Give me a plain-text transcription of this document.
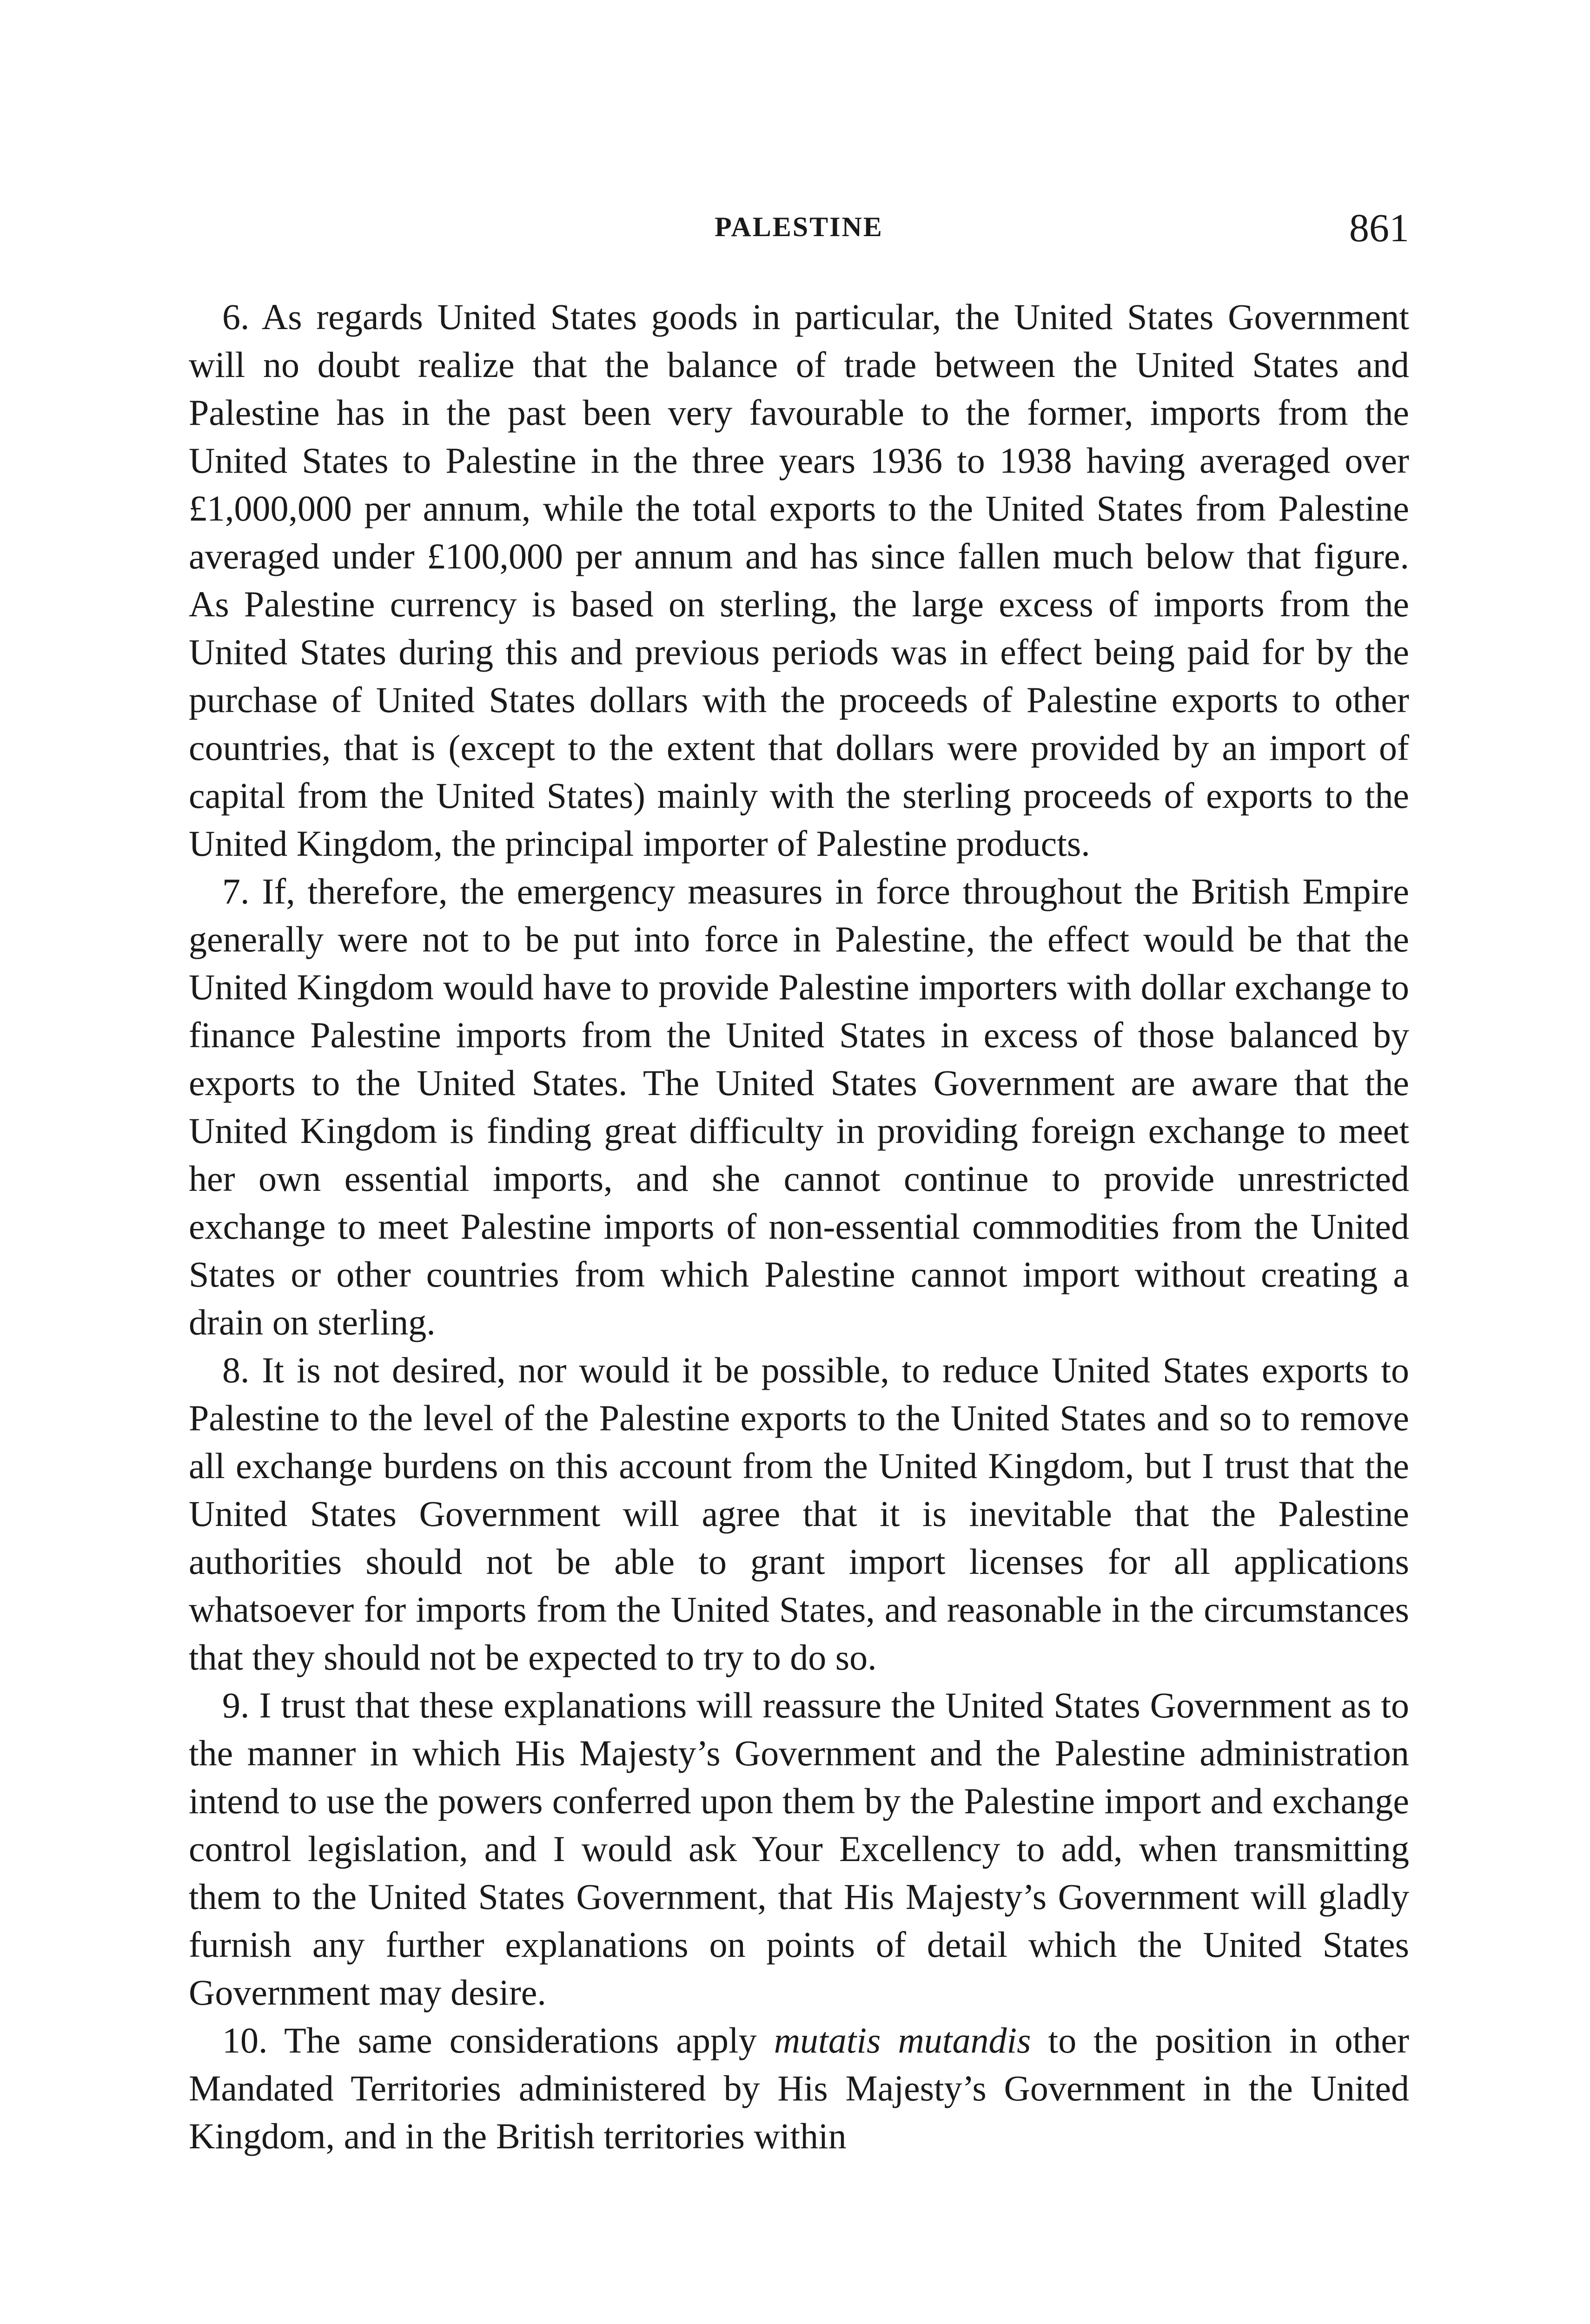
PALESTINE	861

6. As regards United States goods in particular, the United States Government will no doubt realize that the balance of trade between the United States and Palestine has in the past been very favourable to the former, imports from the United States to Palestine in the three years 1936 to 1938 having averaged over £1,000,000 per annum, while the total exports to the United States from Palestine averaged under £100,000 per annum and has since fallen much below that figure. As Palestine currency is based on sterling, the large excess of imports from the United States during this and previous periods was in effect being paid for by the purchase of United States dollars with the proceeds of Palestine exports to other countries, that is (except to the extent that dollars were provided by an import of capital from the United States) mainly with the sterling proceeds of exports to the United Kingdom, the principal importer of Palestine products.

7. If, therefore, the emergency measures in force throughout the British Empire generally were not to be put into force in Palestine, the effect would be that the United Kingdom would have to provide Palestine importers with dollar exchange to finance Palestine imports from the United States in excess of those balanced by exports to the United States. The United States Government are aware that the United Kingdom is finding great difficulty in providing foreign exchange to meet her own essential imports, and she cannot continue to provide unrestricted exchange to meet Palestine imports of non-essential commodities from the United States or other countries from which Palestine cannot import without creating a drain on sterling.

8. It is not desired, nor would it be possible, to reduce United States exports to Palestine to the level of the Palestine exports to the United States and so to remove all exchange burdens on this account from the United Kingdom, but I trust that the United States Government will agree that it is inevitable that the Palestine authorities should not be able to grant import licenses for all applications whatsoever for imports from the United States, and reasonable in the circumstances that they should not be expected to try to do so.

9. I trust that these explanations will reassure the United States Government as to the manner in which His Majesty’s Government and the Palestine administration intend to use the powers conferred upon them by the Palestine import and exchange control legislation, and I would ask Your Excellency to add, when transmitting them to the United States Government, that His Majesty’s Government will gladly furnish any further explanations on points of detail which the United States Government may desire.

10. The same considerations apply mutatis mutandis to the position in other Mandated Territories administered by His Majesty’s Government in the United Kingdom, and in the British territories within
